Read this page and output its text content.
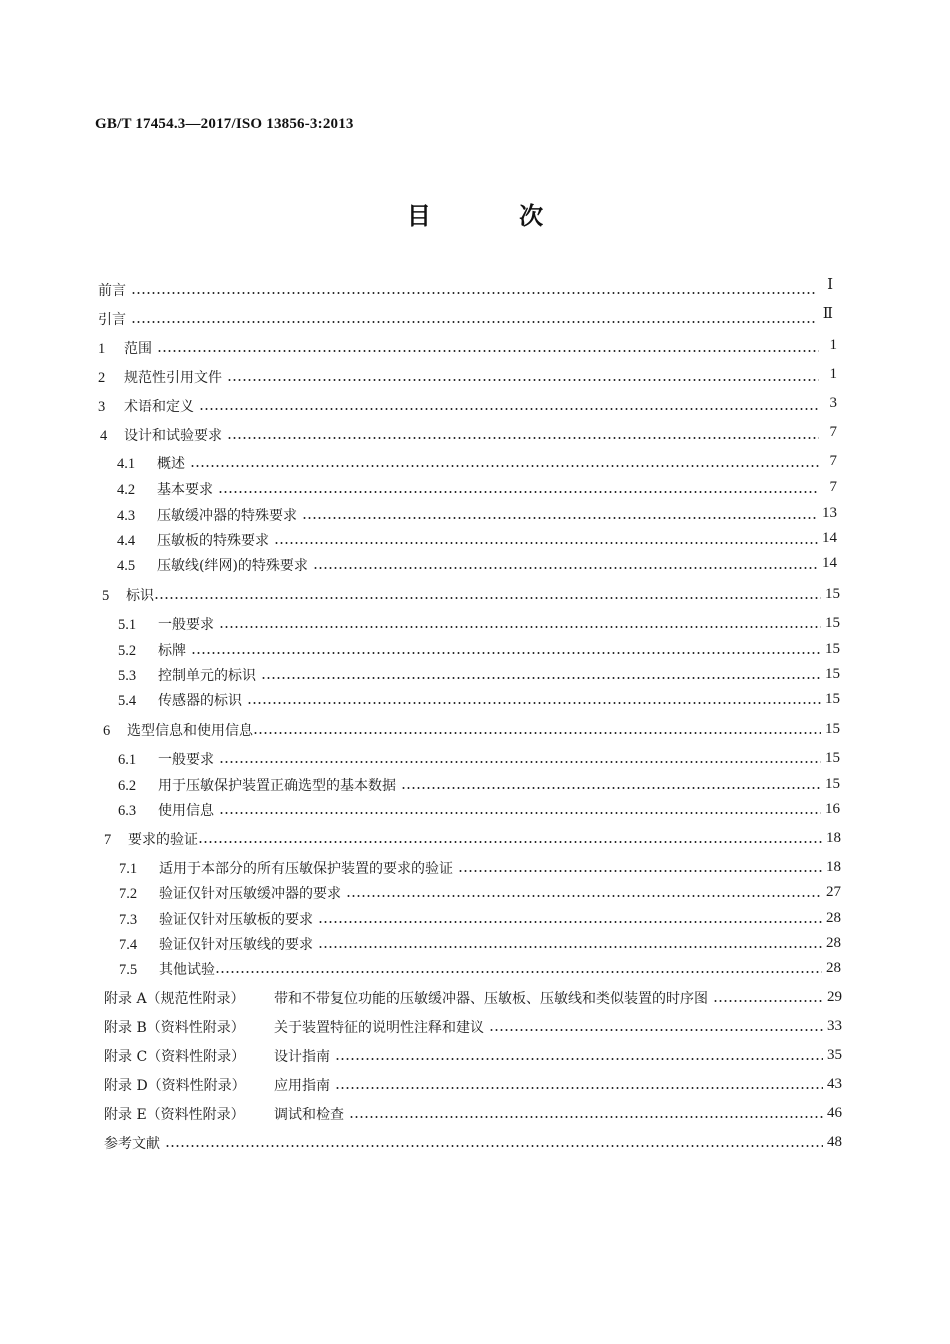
GB/T 17454.3—2017/ISO 13856-3:2013
目 次
前言	Ⅰ
引言	Ⅱ
1	范围	1
2	规范性引用文件	1
3	术语和定义	3
4	设计和试验要求	7
4.1	概述	7
4.2	基本要求	7
4.3	压敏缓冲器的特殊要求	13
4.4	压敏板的特殊要求	14
4.5	压敏线(绊网)的特殊要求	14
5	标识	15
5.1	一般要求	15
5.2	标牌	15
5.3	控制单元的标识	15
5.4	传感器的标识	15
6	选型信息和使用信息	15
6.1	一般要求	15
6.2	用于压敏保护装置正确选型的基本数据	15
6.3	使用信息	16
7	要求的验证	18
7.1	适用于本部分的所有压敏保护装置的要求的验证	18
7.2	验证仅针对压敏缓冲器的要求	27
7.3	验证仅针对压敏板的要求	28
7.4	验证仅针对压敏线的要求	28
7.5	其他试验	28
附录 A（规范性附录）	带和不带复位功能的压敏缓冲器、压敏板、压敏线和类似装置的时序图	29
附录 B（资料性附录）	关于装置特征的说明性注释和建议	33
附录 C（资料性附录）	设计指南	35
附录 D（资料性附录）	应用指南	43
附录 E（资料性附录）	调试和检查	46
参考文献	48
